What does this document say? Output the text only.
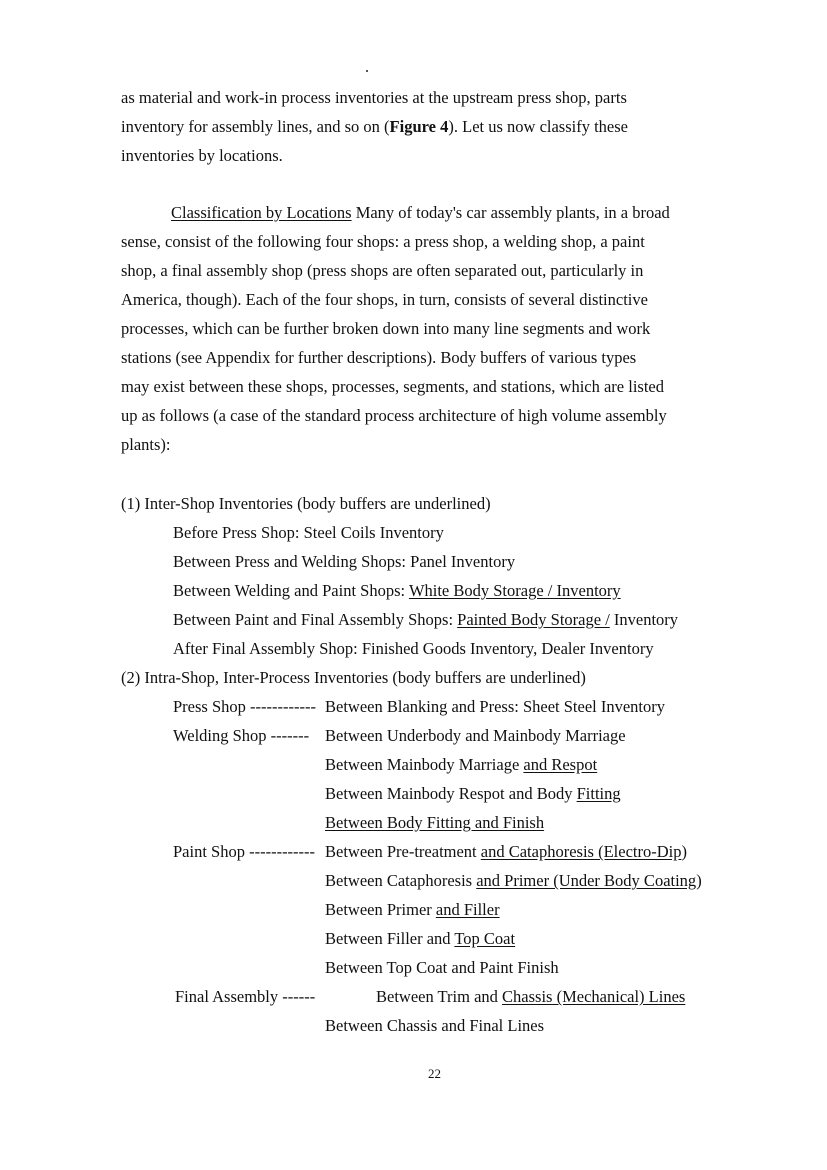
as material and work-in process inventories at the upstream press shop, parts
inventory for assembly lines, and so on (Figure 4). Let us now classify these
inventories by locations.
Classification by Locations Many of today's car assembly plants, in a broad
sense, consist of the following four shops: a press shop, a welding shop, a paint
shop, a final assembly shop (press shops are often separated out, particularly in
America, though). Each of the four shops, in turn, consists of several distinctive
processes, which can be further broken down into many line segments and work
stations (see Appendix for further descriptions). Body buffers of various types
may exist between these shops, processes, segments, and stations, which are listed
up as follows (a case of the standard process architecture of high volume assembly
plants):
(1) Inter-Shop Inventories (body buffers are underlined)
Before Press Shop: Steel Coils Inventory
Between Press and Welding Shops: Panel Inventory
Between Welding and Paint Shops: White Body Storage / Inventory
Between Paint and Final Assembly Shops: Painted Body Storage / Inventory
After Final Assembly Shop: Finished Goods Inventory, Dealer Inventory
(2) Intra-Shop, Inter-Process Inventories (body buffers are underlined)
Press Shop ------------ Between Blanking and Press: Sheet Steel Inventory
Welding Shop ------- Between Underbody and Mainbody Marriage
Between Mainbody Marriage and Respot
Between Mainbody Respot and Body Fitting
Between Body Fitting and Finish
Paint Shop ------------ Between Pre-treatment and Cataphoresis (Electro-Dip)
Between Cataphoresis and Primer (Under Body Coating)
Between Primer and Filler
Between Filler and Top Coat
Between Top Coat and Paint Finish
Final Assembly ------	Between Trim and Chassis (Mechanical) Lines
Between Chassis and Final Lines
22
